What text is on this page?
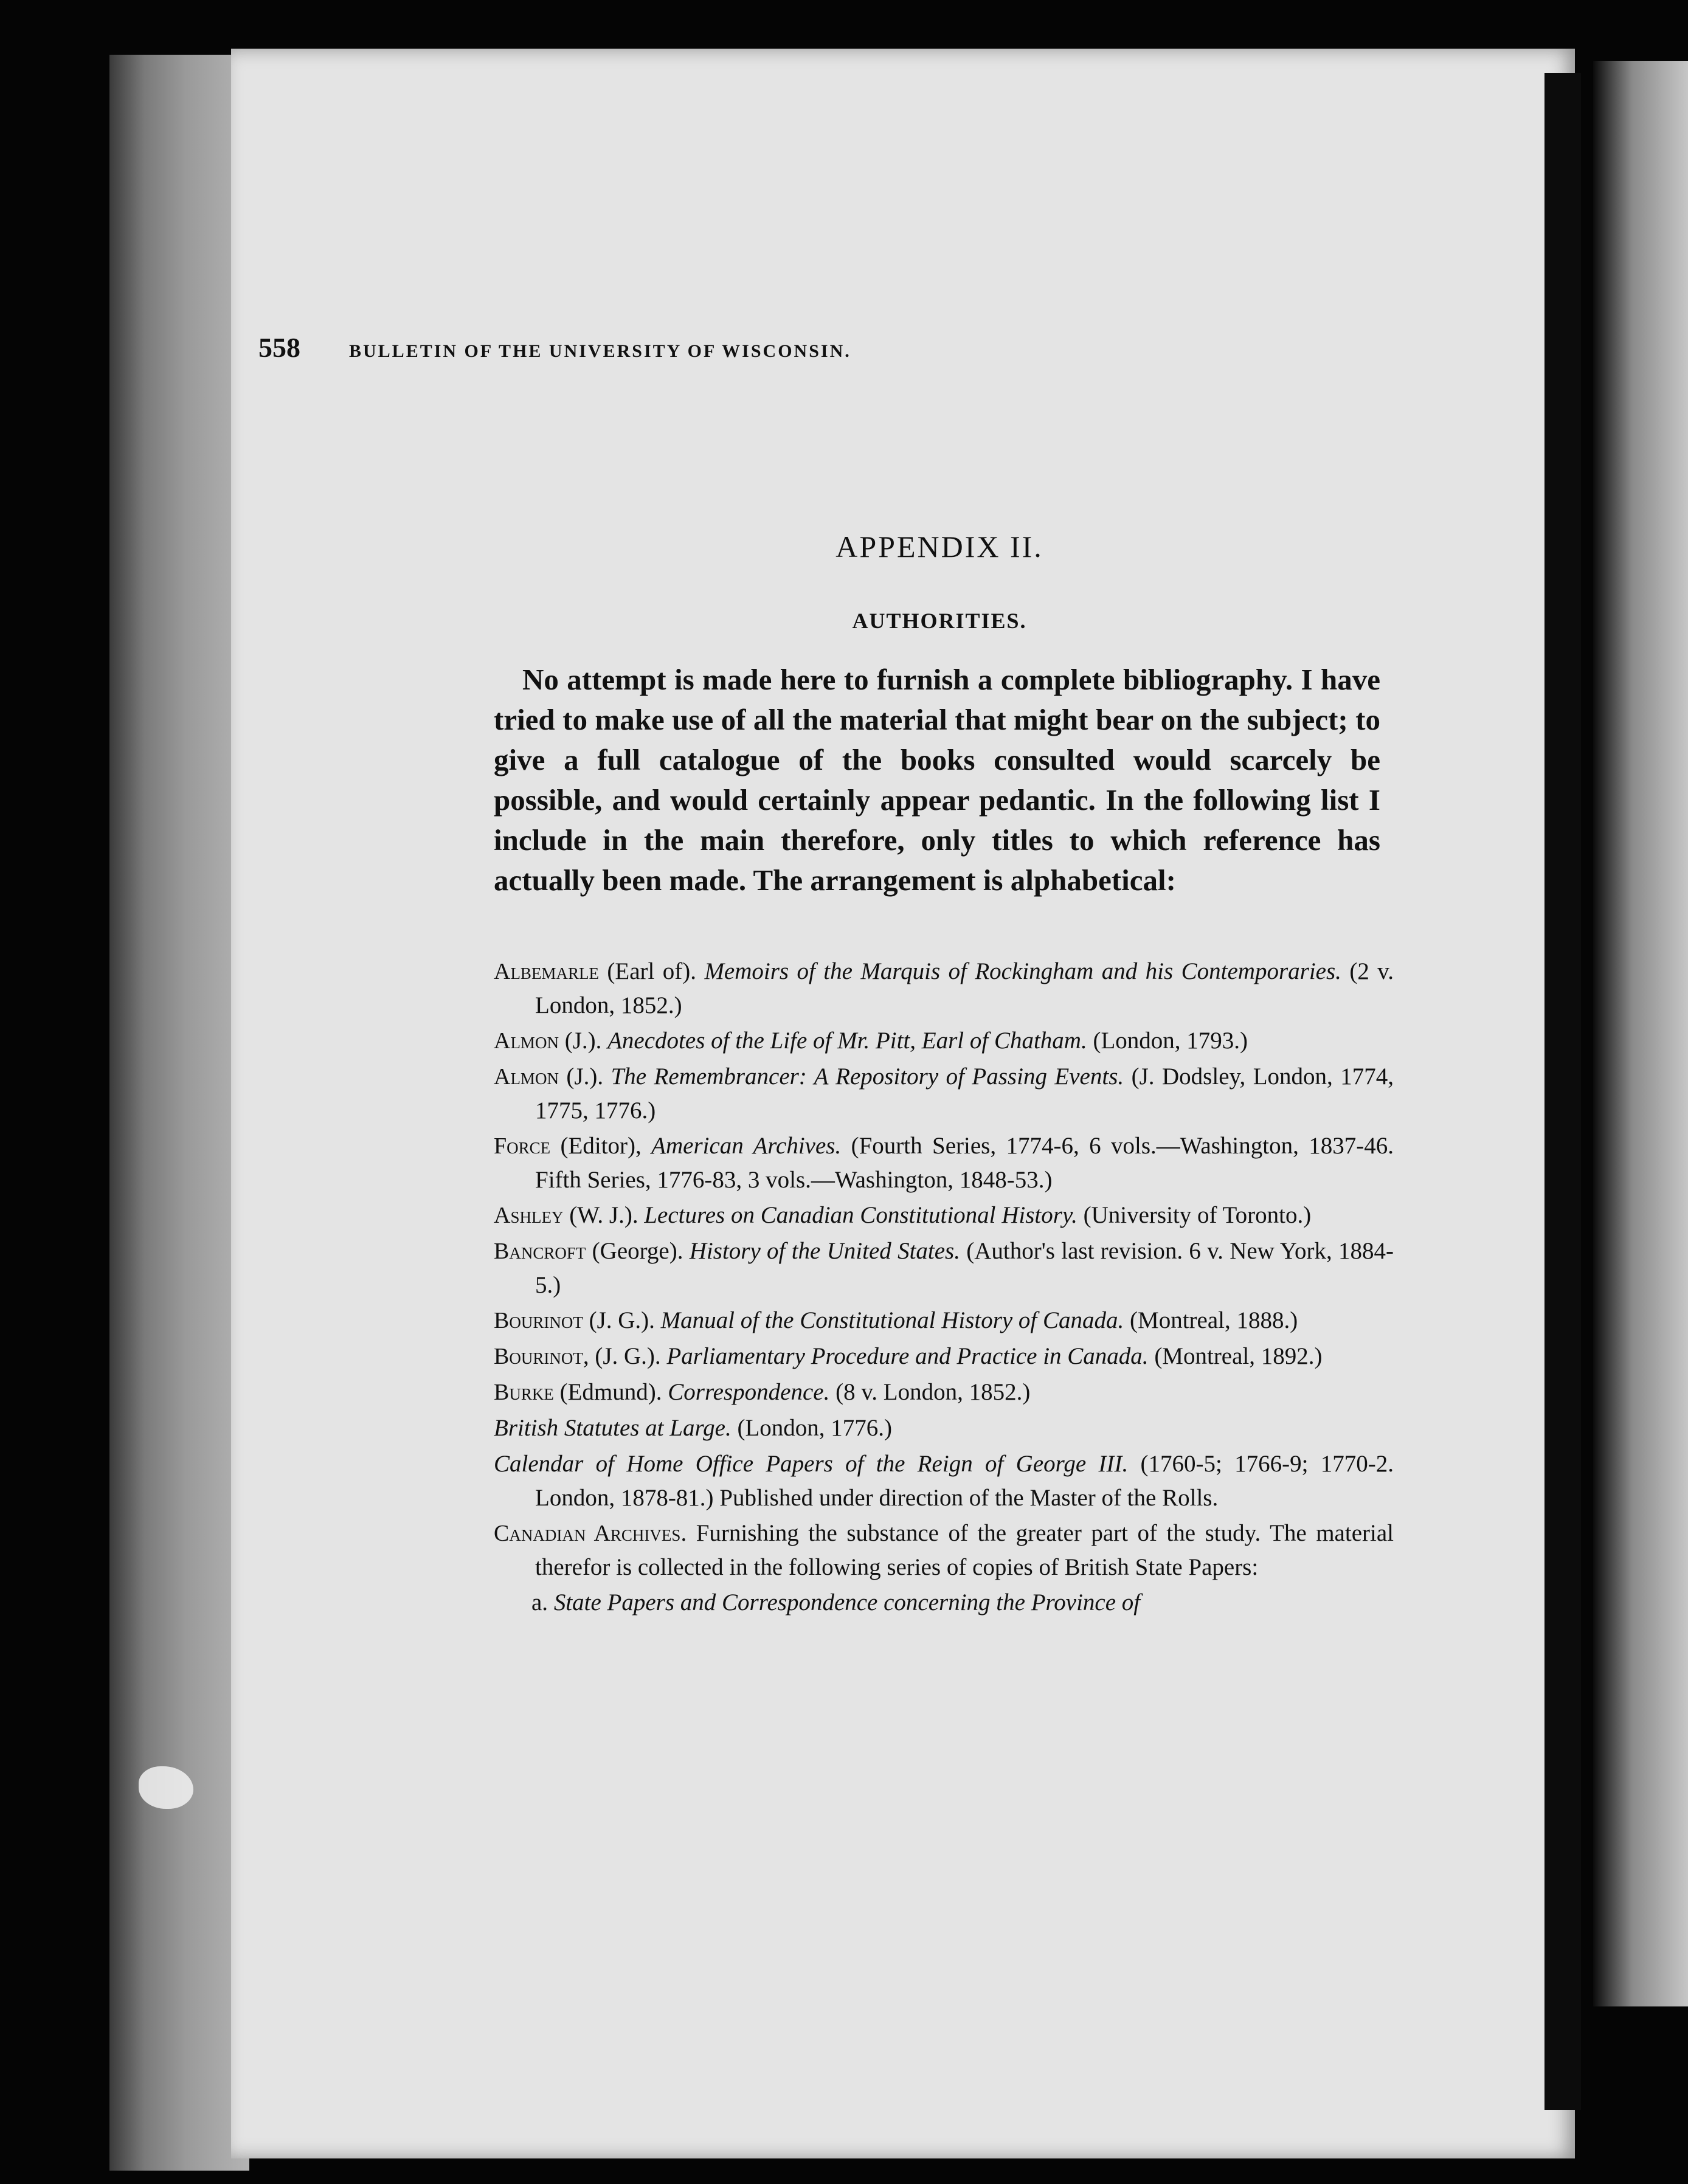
558	BULLETIN OF THE UNIVERSITY OF WISCONSIN.
APPENDIX II.
AUTHORITIES.

No attempt is made here to furnish a complete bibliography. I have tried to make use of all the material that might bear on the subject; to give a full catalogue of the books consulted would scarcely be possible, and would certainly appear pedantic. In the following list I include in the main therefore, only titles to which reference has actually been made. The arrangement is alphabetical:

Albemarle (Earl of). Memoirs of the Marquis of Rockingham and his Contemporaries. (2 v. London, 1852.)
Almon (J.). Anecdotes of the Life of Mr. Pitt, Earl of Chatham. (London, 1793.)
Almon (J.). The Remembrancer: A Repository of Passing Events. (J. Dodsley, London, 1774, 1775, 1776.)
Force (Editor), American Archives. (Fourth Series, 1774-6, 6 vols.—Washington, 1837-46. Fifth Series, 1776-83, 3 vols.—Washington, 1848-53.)
Ashley (W. J.). Lectures on Canadian Constitutional History. (University of Toronto.)
Bancroft (George). History of the United States. (Author's last revision. 6 v. New York, 1884-5.)
Bourinot (J. G.). Manual of the Constitutional History of Canada. (Montreal, 1888.)
Bourinot, (J. G.). Parliamentary Procedure and Practice in Canada. (Montreal, 1892.)
Burke (Edmund). Correspondence. (8 v. London, 1852.)
British Statutes at Large. (London, 1776.)
Calendar of Home Office Papers of the Reign of George III. (1760-5; 1766-9; 1770-2. London, 1878-81.) Published under direction of the Master of the Rolls.
Canadian Archives. Furnishing the substance of the greater part of the study. The material therefor is collected in the following series of copies of British State Papers:
a. State Papers and Correspondence concerning the Province of
